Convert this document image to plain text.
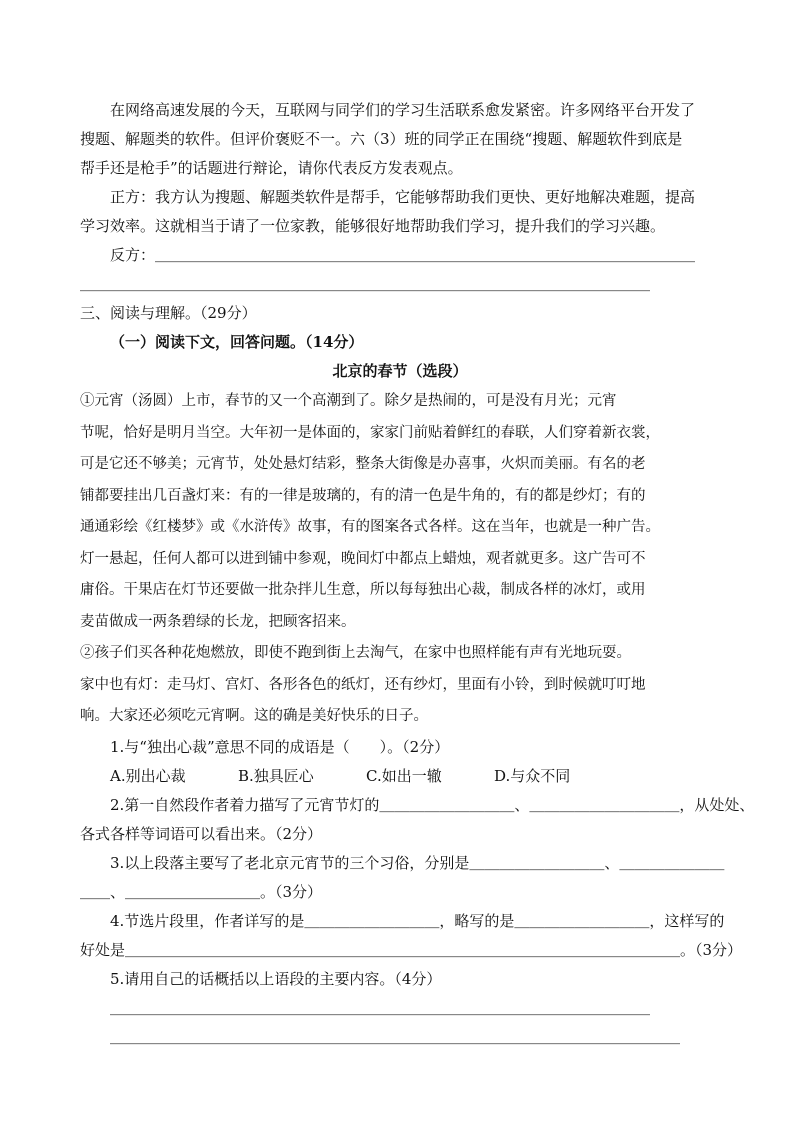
在网络高速发展的今天，互联网与同学们的学习生活联系愈发紧密。许多网络平台开发了

搜题、解题类的软件。但评价褒贬不一。六（3）班的同学正在围绕“搜题、解题软件到底是

帮手还是枪手”的话题进行辩论，请你代表反方发表观点。

正方：我方认为搜题、解题类软件是帮手，它能够帮助我们更快、更好地解决难题，提高

学习效率。这就相当于请了一位家教，能够很好地帮助我们学习，提升我们的学习兴趣。

反方：＿＿＿＿＿＿＿＿＿＿＿＿＿＿＿＿＿＿＿＿＿＿＿＿＿＿＿＿＿＿＿＿＿＿＿＿

＿＿＿＿＿＿＿＿＿＿＿＿＿＿＿＿＿＿＿＿＿＿＿＿＿＿＿＿＿＿＿＿＿＿＿＿＿＿

三、阅读与理解。（29分）

（一）阅读下文，回答问题。（14分）

北京的春节（选段）

①元宵（汤圆）上市，春节的又一个高潮到了。除夕是热闹的，可是没有月光；元宵

节呢，恰好是明月当空。大年初一是体面的，家家门前贴着鲜红的春联，人们穿着新衣裳，

可是它还不够美；元宵节，处处悬灯结彩，整条大街像是办喜事，火炽而美丽。有名的老

铺都要挂出几百盏灯来：有的一律是玻璃的，有的清一色是牛角的，有的都是纱灯；有的

通通彩绘《红楼梦》或《水浒传》故事，有的图案各式各样。这在当年，也就是一种广告。

灯一悬起，任何人都可以进到铺中参观，晚间灯中都点上蜡烛，观者就更多。这广告可不

庸俗。干果店在灯节还要做一批杂拌儿生意，所以每每独出心裁，制成各样的冰灯，或用

麦苗做成一两条碧绿的长龙，把顾客招来。

②孩子们买各种花炮燃放，即使不跑到街上去淘气，在家中也照样能有声有光地玩耍。

家中也有灯：走马灯、宫灯、各形各色的纸灯，还有纱灯，里面有小铃，到时候就叮叮地

响。大家还必须吃元宵啊。这的确是美好快乐的日子。

1.与“独出心裁”意思不同的成语是（　　）。（2分）

A.别出心裁	B.独具匠心	C.如出一辙	D.与众不同

2.第一自然段作者着力描写了元宵节灯的＿＿＿＿＿＿＿＿＿、＿＿＿＿＿＿＿＿＿＿，从处处、

各式各样等词语可以看出来。（2分）

3.以上段落主要写了老北京元宵节的三个习俗，分别是＿＿＿＿＿＿＿＿＿、＿＿＿＿＿＿＿

＿＿、＿＿＿＿＿＿＿＿＿。（3分）

4.节选片段里，作者详写的是＿＿＿＿＿＿＿＿＿，略写的是＿＿＿＿＿＿＿＿＿，这样写的

好处是＿＿＿＿＿＿＿＿＿＿＿＿＿＿＿＿＿＿＿＿＿＿＿＿＿＿＿＿＿＿＿＿＿＿＿＿＿。（3分）

5.请用自己的话概括以上语段的主要内容。（4分）

＿＿＿＿＿＿＿＿＿＿＿＿＿＿＿＿＿＿＿＿＿＿＿＿＿＿＿＿＿＿＿＿＿＿＿＿

＿＿＿＿＿＿＿＿＿＿＿＿＿＿＿＿＿＿＿＿＿＿＿＿＿＿＿＿＿＿＿＿＿＿＿＿＿＿
